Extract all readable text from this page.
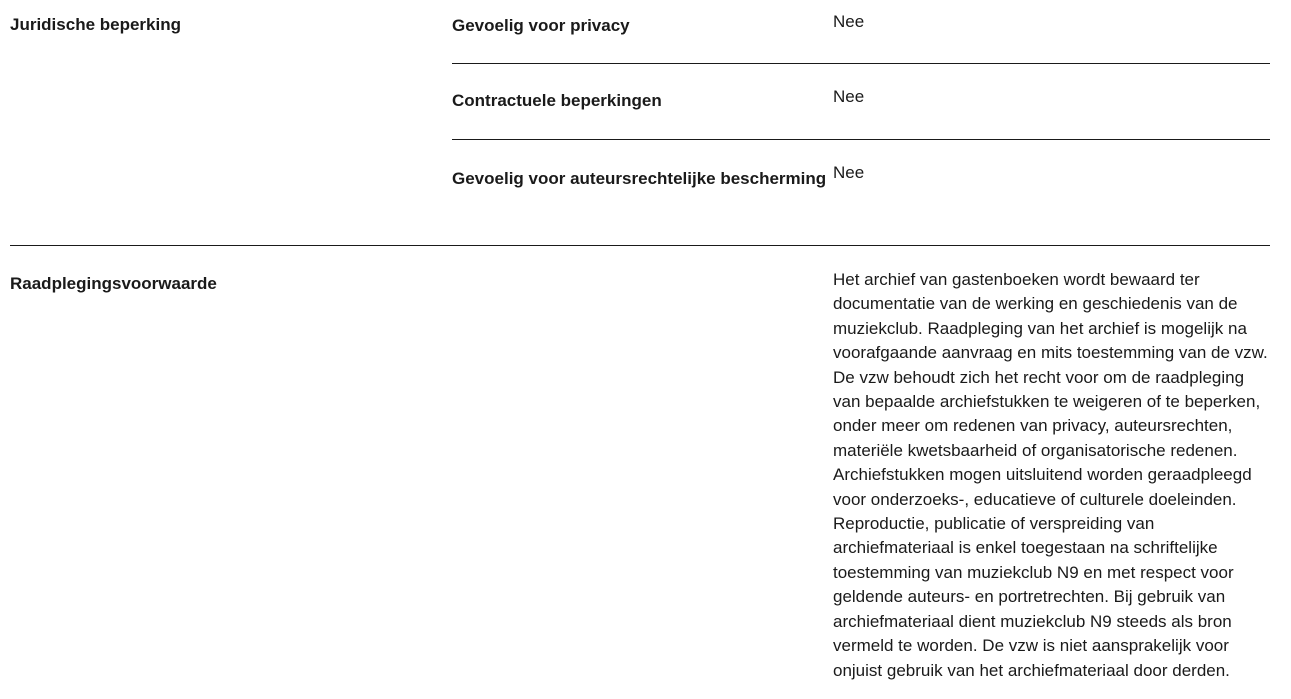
Juridische beperking	Gevoelig voor privacy	Nee
Contractuele beperkingen	Nee
Gevoelig voor auteursrechtelijke bescherming Nee
Raadplegingsvoorwaarde	Het archief van gastenboeken wordt bewaard ter documentatie van de werking en geschiedenis van de muziekclub. Raadpleging van het archief is mogelijk na voorafgaande aanvraag en mits toestemming van de vzw. De vzw behoudt zich het recht voor om de raadpleging van bepaalde archiefstukken te weigeren of te beperken, onder meer om redenen van privacy, auteursrechten, materiële kwetsbaarheid of organisatorische redenen. Archiefstukken mogen uitsluitend worden geraadpleegd voor onderzoeks-, educatieve of culturele doeleinden. Reproductie, publicatie of verspreiding van archiefmateriaal is enkel toegestaan na schriftelijke toestemming van muziekclub N9 en met respect voor geldende auteurs- en portretrechten. Bij gebruik van archiefmateriaal dient muziekclub N9 steeds als bron vermeld te worden. De vzw is niet aansprakelijk voor onjuist gebruik van het archiefmateriaal door derden.
